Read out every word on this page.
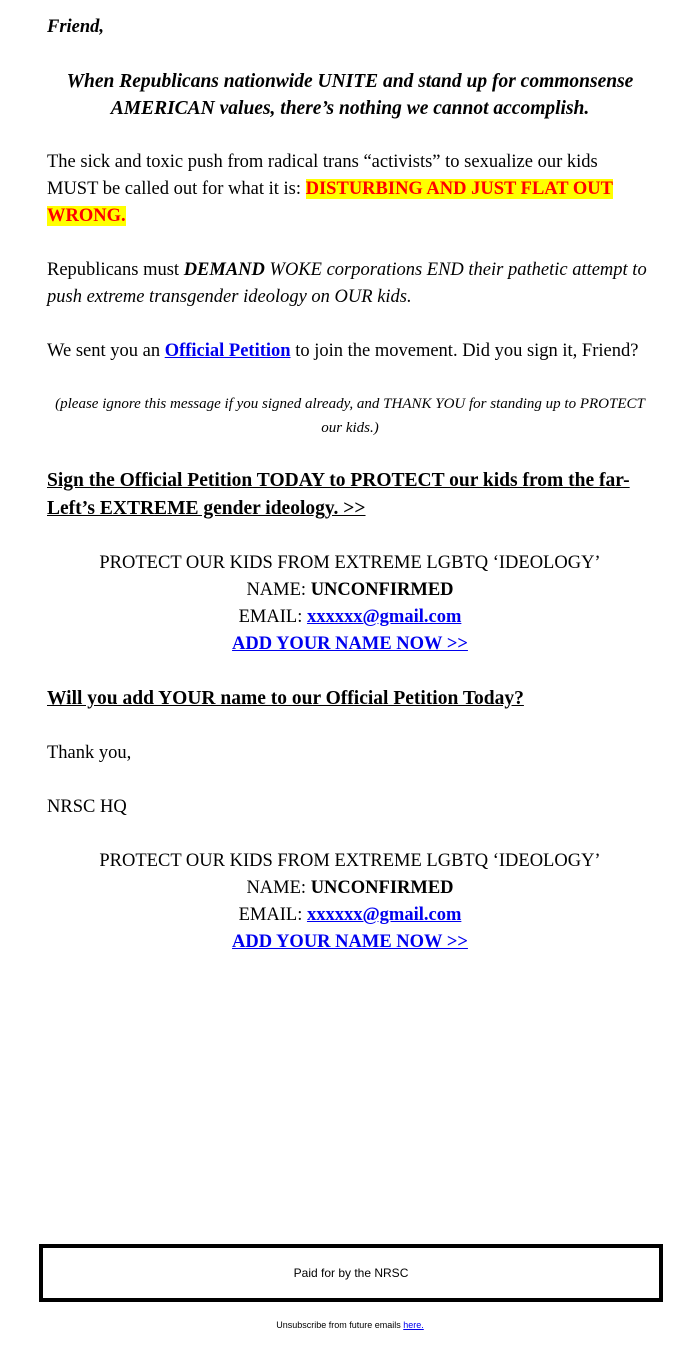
Friend,

When Republicans nationwide UNITE and stand up for commonsense AMERICAN values, there’s nothing we cannot accomplish.

The sick and toxic push from radical trans “activists” to sexualize our kids MUST be called out for what it is: DISTURBING AND JUST FLAT OUT WRONG.

Republicans must DEMAND WOKE corporations END their pathetic attempt to push extreme transgender ideology on OUR kids.

We sent you an Official Petition to join the movement. Did you sign it, Friend?

(please ignore this message if you signed already, and THANK YOU for standing up to PROTECT our kids.)

Sign the Official Petition TODAY to PROTECT our kids from the far-Left’s EXTREME gender ideology. >>

PROTECT OUR KIDS FROM EXTREME LGBTQ ‘IDEOLOGY’

NAME: UNCONFIRMED

EMAIL: xxxxxx@gmail.com

ADD YOUR NAME NOW >>

Will you add YOUR name to our Official Petition Today?

Thank you,

NRSC HQ

PROTECT OUR KIDS FROM EXTREME LGBTQ ‘IDEOLOGY’

NAME: UNCONFIRMED

EMAIL: xxxxxx@gmail.com

ADD YOUR NAME NOW >>

Paid for by the NRSC
Unsubscribe from future emails here.
